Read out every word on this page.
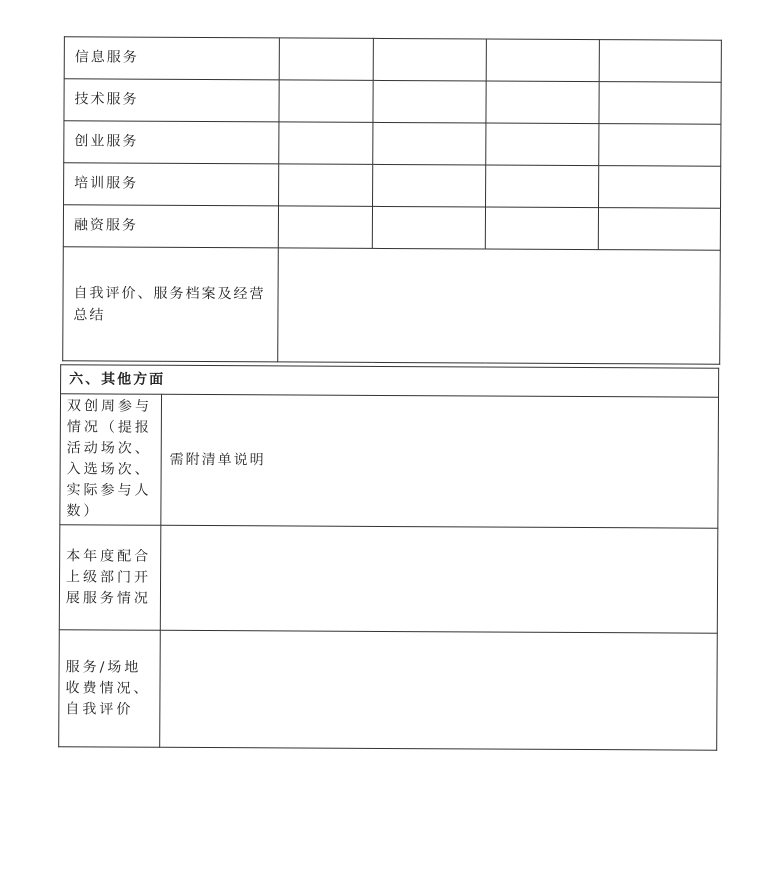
信息服务				
技术服务				
创业服务				
培训服务				
融资服务				
自我评价、服务档案及经营总结				
六、其他方面	
双创周参与情况（提报活动场次、入选场次、实际参与人数）	需附清单说明
本年度配合上级部门开展服务情况	
服务/场地收费情况、自我评价	
